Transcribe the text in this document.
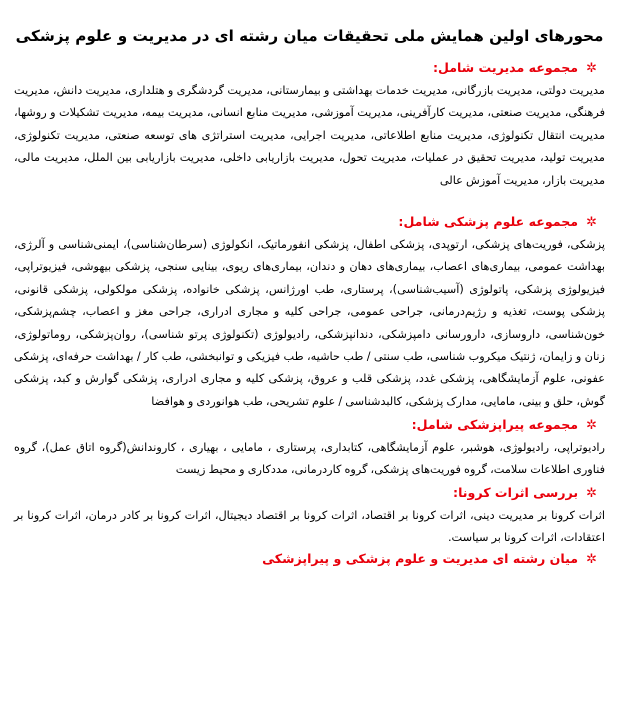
محورهای اولین همایش ملی تحقیقات میان رشته ای در مدیریت و علوم پزشکی
✲مجموعه مدیریت شامل:

مدیریت دولتی، مدیریت بازرگانی، مدیریت خدمات بهداشتی و بیمارستانی، مدیریت گردشگری و هتلداری، مدیریت دانش، مدیریت فرهنگی، مدیریت صنعتی، مدیریت کارآفرینی، مدیریت آموزشی، مدیریت منابع انسانی، مدیریت بیمه، مدیریت تشکیلات و روشها، مدیریت انتقال تکنولوژی، مدیریت منابع اطلاعاتی، مدیریت اجرایی، مدیریت استراتژی های توسعه صنعتی، مدیریت تکنولوژی، مدیریت تولید، مدیریت تحقیق در عملیات، مدیریت تحول، مدیریت بازاریابی داخلی، مدیریت بازاریابی بین الملل، مدیریت مالی، مدیریت بازار، مدیریت آموزش عالی

✲مجموعه علوم پزشکی شامل:

پزشکی، فوریت‌های پزشکی، ارتوپدی، پزشکی اطفال، پزشکی انفورماتیک، انکولوژی (سرطان‌شناسی)، ایمنی‌شناسی و آلرژی، بهداشت عمومی، بیماری‌های اعصاب، بیماری‌های دهان و دندان، بیماری‌های ریوی، بینایی سنجی، پزشکی بیهوشی، فیزیوتراپی، فیزیولوژی پزشکی، پاتولوژی (آسیب‌شناسی)، پرستاری، طب اورژانس، پزشکی خانواده، پزشکی مولکولی، پزشکی قانونی، پزشکی پوست، تغذیه و رژیم‌درمانی، جراحی عمومی، جراحی کلیه و مجاری ادراری، جراحی مغز و اعصاب، چشم‌پزشکی، خون‌شناسی، داروسازی، دارورسانی دامپزشکی، دندانپزشکی، رادیولوژی (تکنولوژی پرتو شناسی)، روان‌پزشکی، روماتولوژی، زنان و زایمان، ژنتیک میکروب شناسی، طب سنتی / طب حاشیه، طب فیزیکی و توانبخشی، طب کار / بهداشت حرفه‌ای، پزشکی عفونی، علوم آزمایشگاهی، پزشکی غدد، پزشکی قلب و عروق، پزشکی کلیه و مجاری ادراری، پزشکی گوارش و کبد، پزشکی گوش، حلق و بینی، مامایی، مدارک پزشکی، کالبدشناسی / علوم تشریحی، طب هوانوردی و هوافضا

✲مجموعه پیراپزشکی شامل:

رادیوتراپی، رادیولوژی، هوشبر، علوم آزمایشگاهی، کتابداری، پرستاری ، مامایی ، بهیاری ، کاروندانش(گروه اتاق عمل)، گروه فناوری اطلاعات سلامت، گروه فوریت‌های پزشکی، گروه کاردرمانی، مددکاری و محیط زیست

✲بررسی اثرات کرونا:

اثرات کرونا بر مدیریت دینی، اثرات کرونا بر اقتصاد، اثرات کرونا بر اقتصاد دیجیتال، اثرات کرونا بر کادر درمان، اثرات کرونا بر اعتقادات، اثرات کرونا بر سیاست.

✲میان رشته ای مدیریت و علوم پزشکی و پیراپزشکی
